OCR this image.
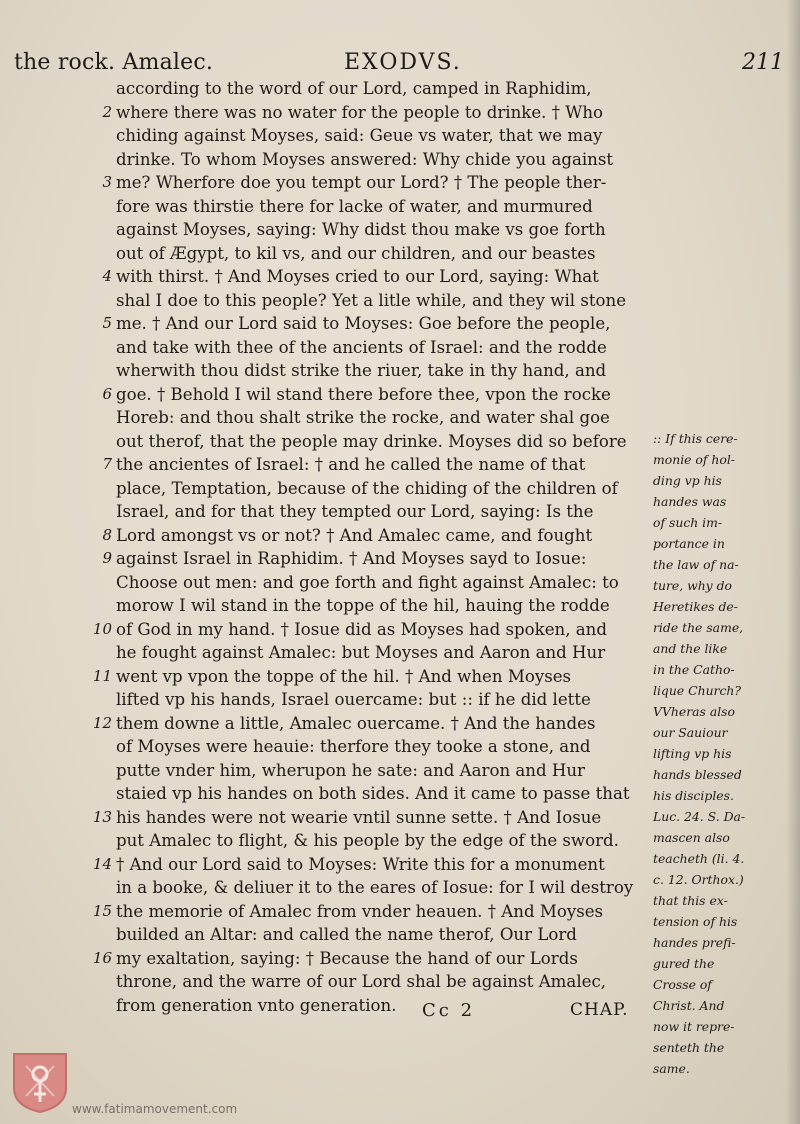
the rock. Amalec.	EXODVS.	211
according to the word of our Lord, camped in Raphidim,
2 where there was no water for the people to drinke. † Who
chiding against Moyses, said: Geue vs water, that we may
drinke. To whom Moyses answered: Why chide you against
3 me? Wherfore doe you tempt our Lord? † The people ther-
fore was thirstie there for lacke of water, and murmured
against Moyses, saying: Why didst thou make vs goe forth
out of Ægypt, to kil vs, and our children, and our beastes
4 with thirst. † And Moyses cried to our Lord, saying: What
shal I doe to this people? Yet a litle while, and they wil stone
5 me. † And our Lord said to Moyses: Goe before the people,
and take with thee of the ancients of Israel: and the rodde
wherwith thou didst strike the riuer, take in thy hand, and
6 goe. † Behold I wil stand there before thee, vpon the rocke
Horeb: and thou shalt strike the rocke, and water shal goe
out therof, that the people may drinke. Moyses did so before
7 the ancientes of Israel: † and he called the name of that
place, Temptation, because of the chiding of the children of
Israel, and for that they tempted our Lord, saying: Is the
8 Lord amongst vs or not? † And Amalec came, and fought
9 against Israel in Raphidim. † And Moyses sayd to Iosue:
Choose out men: and goe forth and fight against Amalec: to
morow I wil stand in the toppe of the hil, hauing the rodde
10 of God in my hand. † Iosue did as Moyses had spoken, and
he fought against Amalec: but Moyses and Aaron and Hur
11 went vp vpon the toppe of the hil. † And when Moyses
lifted vp his hands, Israel ouercame: but :: if he did lette
12 them downe a little, Amalec ouercame. † And the handes
of Moyses were heauie: therfore they tooke a stone, and
putte vnder him, wherupon he sate: and Aaron and Hur
staied vp his handes on both sides. And it came to passe that
13 his handes were not wearie vntil sunne sette. † And Iosue
put Amalec to flight, & his people by the edge of the sword.
14 † And our Lord said to Moyses: Write this for a monument
in a booke, & deliuer it to the eares of Iosue: for I wil destroy
15 the memorie of Amalec from vnder heauen. † And Moyses
builded an Altar: and called the name therof, Our Lord
16 my exaltation, saying: † Because the hand of our Lords
throne, and the warre of our Lord shal be against Amalec,
from generation vnto generation.
:: If this cere-
monie of hol-
ding vp his
handes was
of such im-
portance in
the law of na-
ture, why do
Heretikes de-
ride the same,
and the like
in the Catho-
lique Church?
VVheras also
our Sauiour
lifting vp his
hands blessed
his disciples.
Luc. 24. S. Da-
mascen also
teacheth (li. 4.
c. 12. Orthox.)
that this ex-
tension of his
handes prefi-
gured the
Crosse of
Christ. And
now it repre-
senteth the
same.
Cc 2	CHAP.
www.fatimamovement.com
